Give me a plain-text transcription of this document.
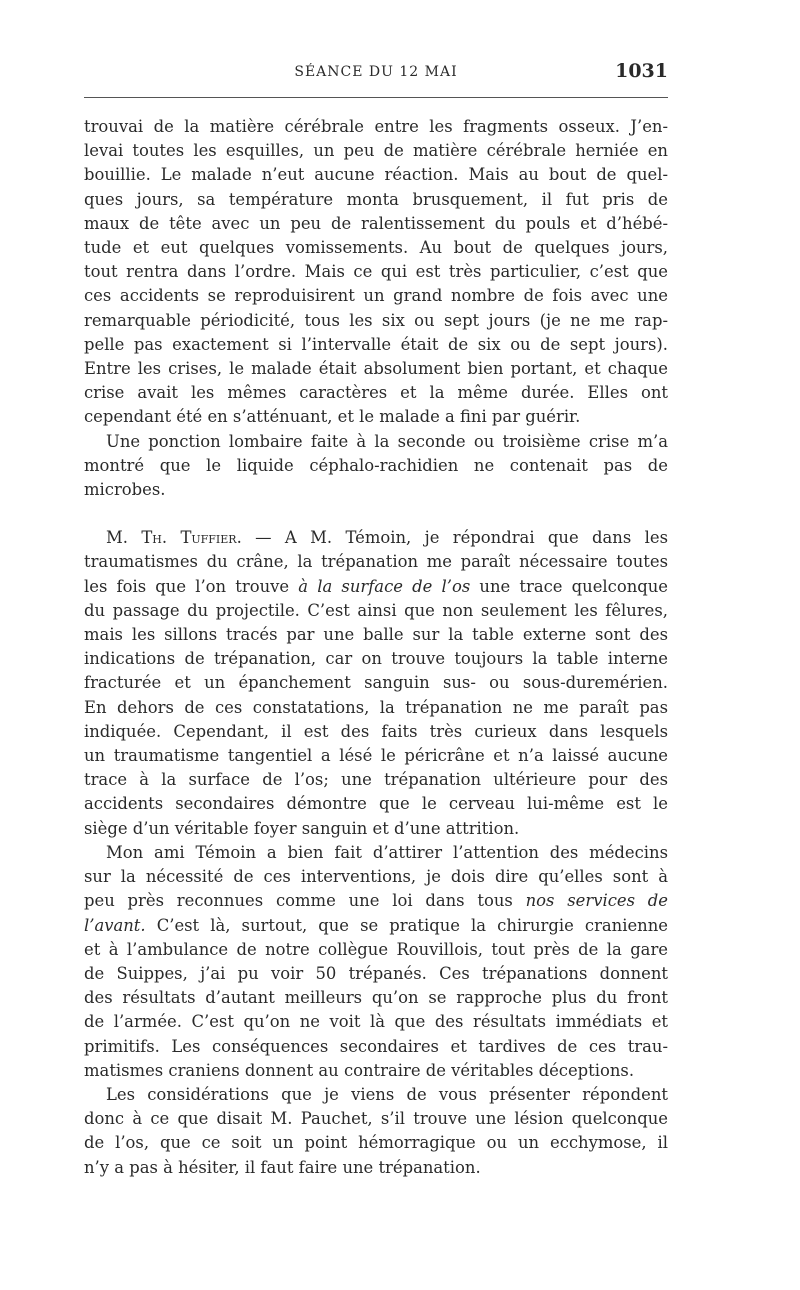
SÉANCE DU 12 MAI	1031
trouvai de la matière cérébrale entre les fragments osseux. J’en-
levai toutes les esquilles, un peu de matière cérébrale herniée en
bouillie. Le malade n’eut aucune réaction. Mais au bout de quel-
ques jours, sa température monta brusquement, il fut pris de
maux de tête avec un peu de ralentissement du pouls et d’hébé-
tude et eut quelques vomissements. Au bout de quelques jours,
tout rentra dans l’ordre. Mais ce qui est très particulier, c’est que
ces accidents se reproduisirent un grand nombre de fois avec une
remarquable périodicité, tous les six ou sept jours (je ne me rap-
pelle pas exactement si l’intervalle était de six ou de sept jours).
Entre les crises, le malade était absolument bien portant, et chaque
crise avait les mêmes caractères et la même durée. Elles ont
cependant été en s’atténuant, et le malade a fini par guérir.
Une ponction lombaire faite à la seconde ou troisième crise m’a
montré que le liquide céphalo-rachidien ne contenait pas de
microbes.
M. Th. Tuffier. — A M. Témoin, je répondrai que dans les
traumatismes du crâne, la trépanation me paraît nécessaire toutes
les fois que l’on trouve à la surface de l’os une trace quelconque
du passage du projectile. C’est ainsi que non seulement les fêlures,
mais les sillons tracés par une balle sur la table externe sont des
indications de trépanation, car on trouve toujours la table interne
fracturée et un épanchement sanguin sus- ou sous-duremérien.
En dehors de ces constatations, la trépanation ne me paraît pas
indiquée. Cependant, il est des faits très curieux dans lesquels
un traumatisme tangentiel a lésé le péricrâne et n’a laissé aucune
trace à la surface de l’os; une trépanation ultérieure pour des
accidents secondaires démontre que le cerveau lui-même est le
siège d’un véritable foyer sanguin et d’une attrition.
Mon ami Témoin a bien fait d’attirer l’attention des médecins
sur la nécessité de ces interventions, je dois dire qu’elles sont à
peu près reconnues comme une loi dans tous nos services de
l’avant. C’est là, surtout, que se pratique la chirurgie cranienne
et à l’ambulance de notre collègue Rouvillois, tout près de la gare
de Suippes, j’ai pu voir 50 trépanés. Ces trépanations donnent
des résultats d’autant meilleurs qu’on se rapproche plus du front
de l’armée. C’est qu’on ne voit là que des résultats immédiats et
primitifs. Les conséquences secondaires et tardives de ces trau-
matismes craniens donnent au contraire de véritables déceptions.
Les considérations que je viens de vous présenter répondent
donc à ce que disait M. Pauchet, s’il trouve une lésion quelconque
de l’os, que ce soit un point hémorragique ou un ecchymose, il
n’y a pas à hésiter, il faut faire une trépanation.
